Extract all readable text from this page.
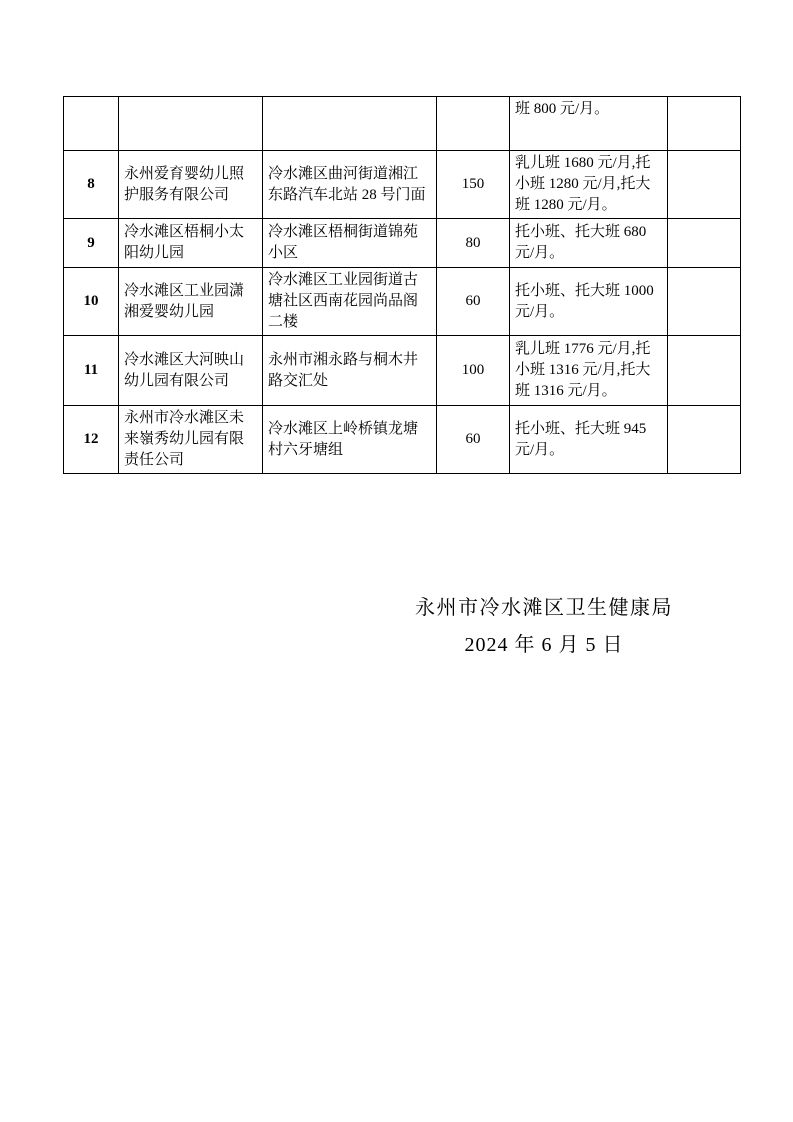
				班 800 元/月。	
8	永州爱育婴幼儿照护服务有限公司	冷水滩区曲河街道湘江东路汽车北站 28 号门面	150	乳儿班 1680 元/月,托小班 1280 元/月,托大班 1280 元/月。	
9	冷水滩区梧桐小太阳幼儿园	冷水滩区梧桐街道锦苑小区	80	托小班、托大班 680 元/月。	
10	冷水滩区工业园潇湘爱婴幼儿园	冷水滩区工业园街道古塘社区西南花园尚品阁二楼	60	托小班、托大班 1000 元/月。	
11	冷水滩区大河映山幼儿园有限公司	永州市湘永路与桐木井路交汇处	100	乳儿班 1776 元/月,托小班 1316 元/月,托大班 1316 元/月。	
12	永州市冷水滩区未来嶺秀幼儿园有限责任公司	冷水滩区上岭桥镇龙塘村六牙塘组	60	托小班、托大班 945 元/月。	
永州市冷水滩区卫生健康局
2024 年 6 月 5 日
